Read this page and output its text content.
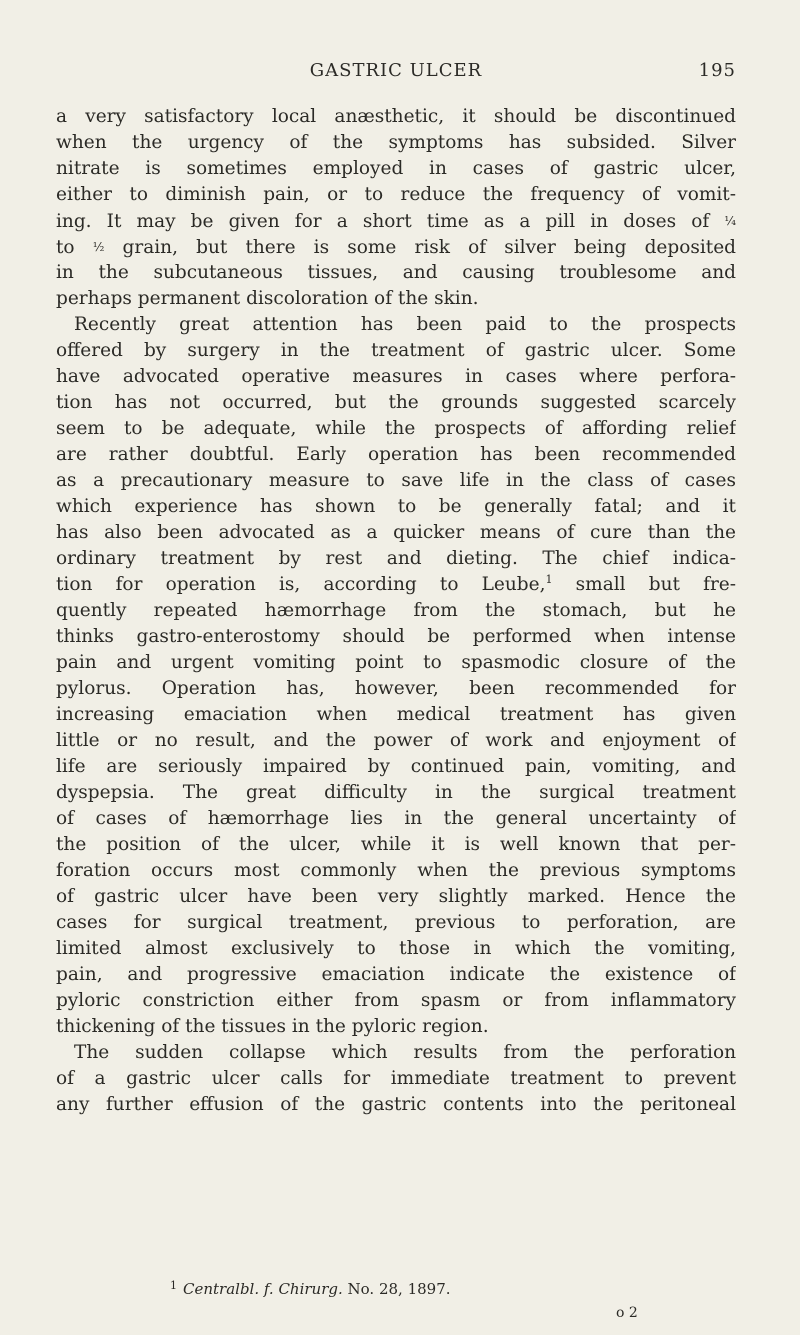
GASTRIC ULCER	195
a very satisfactory local anæsthetic, it should be discontinued
when the urgency of the symptoms has subsided. Silver
nitrate is sometimes employed in cases of gastric ulcer,
either to diminish pain, or to reduce the frequency of vomit-
ing. It may be given for a short time as a pill in doses of ¼
to ½ grain, but there is some risk of silver being deposited
in the subcutaneous tissues, and causing troublesome and
perhaps permanent discoloration of the skin.
Recently great attention has been paid to the prospects
offered by surgery in the treatment of gastric ulcer. Some
have advocated operative measures in cases where perfora-
tion has not occurred, but the grounds suggested scarcely
seem to be adequate, while the prospects of affording relief
are rather doubtful. Early operation has been recommended
as a precautionary measure to save life in the class of cases
which experience has shown to be generally fatal; and it
has also been advocated as a quicker means of cure than the
ordinary treatment by rest and dieting. The chief indica-
tion for operation is, according to Leube,$^1$ small but fre-
quently repeated hæmorrhage from the stomach, but he
thinks gastro-enterostomy should be performed when intense
pain and urgent vomiting point to spasmodic closure of the
pylorus. Operation has, however, been recommended for
increasing emaciation when medical treatment has given
little or no result, and the power of work and enjoyment of
life are seriously impaired by continued pain, vomiting, and
dyspepsia. The great difficulty in the surgical treatment
of cases of hæmorrhage lies in the general uncertainty of
the position of the ulcer, while it is well known that per-
foration occurs most commonly when the previous symptoms
of gastric ulcer have been very slightly marked. Hence the
cases for surgical treatment, previous to perforation, are
limited almost exclusively to those in which the vomiting,
pain, and progressive emaciation indicate the existence of
pyloric constriction either from spasm or from inflammatory
thickening of the tissues in the pyloric region.
The sudden collapse which results from the perforation
of a gastric ulcer calls for immediate treatment to prevent
any further effusion of the gastric contents into the peritoneal
$^1$ Centralbl. f. Chirurg. No. 28, 1897.
o 2
